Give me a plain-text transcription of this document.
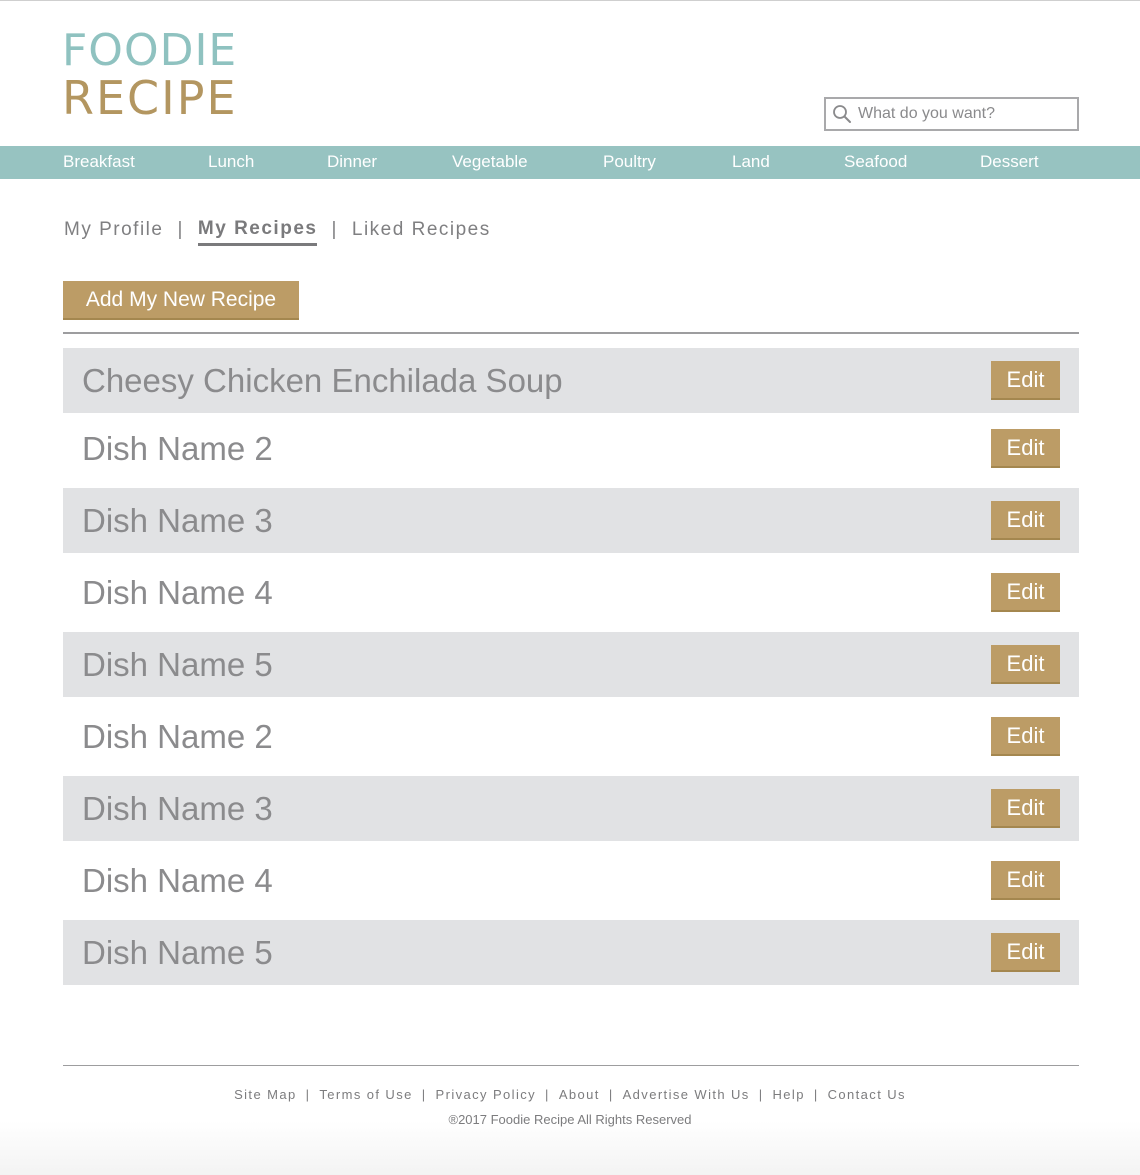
FOODIE
RECIPE
What do you want?
Breakfast	Lunch	Dinner	Vegetable	Poultry	Land	Seafood	Dessert
My Profile | My Recipes | Liked Recipes
Add My New Recipe
Cheesy Chicken Enchilada Soup	Edit
Dish Name 2	Edit
Dish Name 3	Edit
Dish Name 4	Edit
Dish Name 5	Edit
Dish Name 2	Edit
Dish Name 3	Edit
Dish Name 4	Edit
Dish Name 5	Edit
Site Map | Terms of Use | Privacy Policy | About | Advertise With Us | Help | Contact Us
®2017 Foodie Recipe All Rights Reserved
